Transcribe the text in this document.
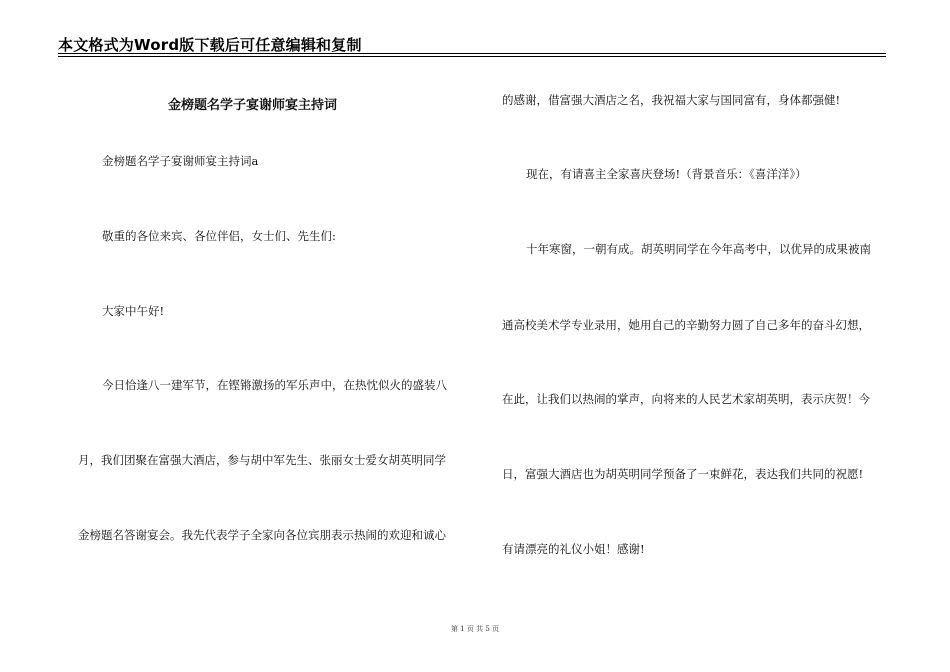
本文格式为Word版下载后可任意编辑和复制
金榜题名学子宴谢师宴主持词
金榜题名学子宴谢师宴主持词a
敬重的各位来宾、各位伴侣，女士们、先生们:
大家中午好!
今日恰逢八一建军节，在铿锵激扬的军乐声中，在热忱似火的盛装八
月，我们团聚在富强大酒店，参与胡中军先生、张丽女士爱女胡英明同学
金榜题名答谢宴会。我先代表学子全家向各位宾朋表示热闹的欢迎和诚心
的感谢，借富强大酒店之名，我祝福大家与国同富有，身体都强健!
现在，有请喜主全家喜庆登场!（背景音乐：《喜洋洋》）
十年寒窗，一朝有成。胡英明同学在今年高考中，以优异的成果被南
通高校美术学专业录用，她用自己的辛勤努力圆了自己多年的奋斗幻想，
在此，让我们以热闹的掌声，向将来的人民艺术家胡英明，表示庆贺！今
日，富强大酒店也为胡英明同学预备了一束鲜花，表达我们共同的祝愿!
有请漂亮的礼仪小姐！感谢!
第 1 页 共 5 页
